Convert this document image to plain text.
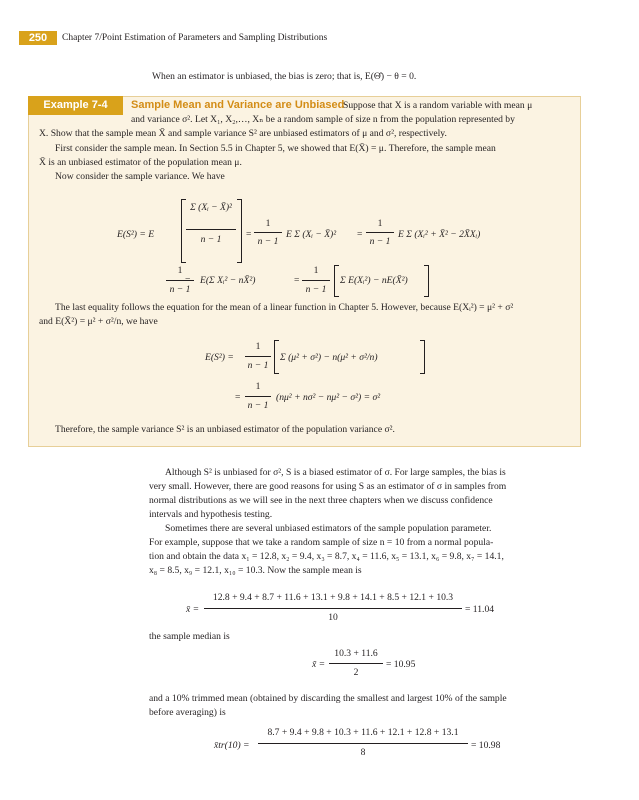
250	Chapter 7/Point Estimation of Parameters and Sampling Distributions
When an estimator is unbiased, the bias is zero; that is, E(Θ̂) − θ = 0.
Example 7-4	Sample Mean and Variance are Unbiased
Suppose that X is a random variable with mean μ
and variance σ². Let X₁, X₂,…, Xₙ be a random sample of size n from the population represented by
X. Show that the sample mean X̄ and sample variance S² are unbiased estimators of μ and σ², respectively.
First consider the sample mean. In Section 5.5 in Chapter 5, we showed that E(X̄) = μ. Therefore, the sample mean
X̄ is an unbiased estimator of the population mean μ.
Now consider the sample variance. We have
E(S²) = E
Σ (Xᵢ − X̄)²
n − 1	=
1
n − 1
E Σ (Xᵢ − X̄)² =
1
n − 1
E Σ (Xᵢ² + X̄² − 2X̄Xᵢ)
=
1
n − 1
E(Σ Xᵢ² − nX̄²)	=
1
n − 1
Σ E(Xᵢ²) − nE(X̄²)
The last equality follows the equation for the mean of a linear function in Chapter 5. However, because E(Xᵢ²) = μ² + σ²
and E(X̄²) = μ² + σ²/n, we have
E(S²) =
1
n − 1
Σ (μ² + σ²) − n(μ² + σ²/n)
=
1
n − 1
(nμ² + nσ² − nμ² − σ²) = σ²
Therefore, the sample variance S² is an unbiased estimator of the population variance σ².
Although S² is unbiased for σ², S is a biased estimator of σ. For large samples, the bias is
very small. However, there are good reasons for using S as an estimator of σ in samples from
normal distributions as we will see in the next three chapters when we discuss confidence
intervals and hypothesis testing.
Sometimes there are several unbiased estimators of the sample population parameter.
For example, suppose that we take a random sample of size n = 10 from a normal popula-
tion and obtain the data x₁ = 12.8, x₂ = 9.4, x₃ = 8.7, x₄ = 11.6, x₅ = 13.1, x₆ = 9.8, x₇ = 14.1,
x₈ = 8.5, x₉ = 12.1, x₁₀ = 10.3. Now the sample mean is
x̄ =
12.8 + 9.4 + 8.7 + 11.6 + 13.1 + 9.8 + 14.1 + 8.5 + 12.1 + 10.3
10
= 11.04
the sample median is
x̃ =
10.3 + 11.6
2
= 10.95
and a 10% trimmed mean (obtained by discarding the smallest and largest 10% of the sample
before averaging) is
x̄tr(10) =
8.7 + 9.4 + 9.8 + 10.3 + 11.6 + 12.1 + 12.8 + 13.1
8
= 10.98
